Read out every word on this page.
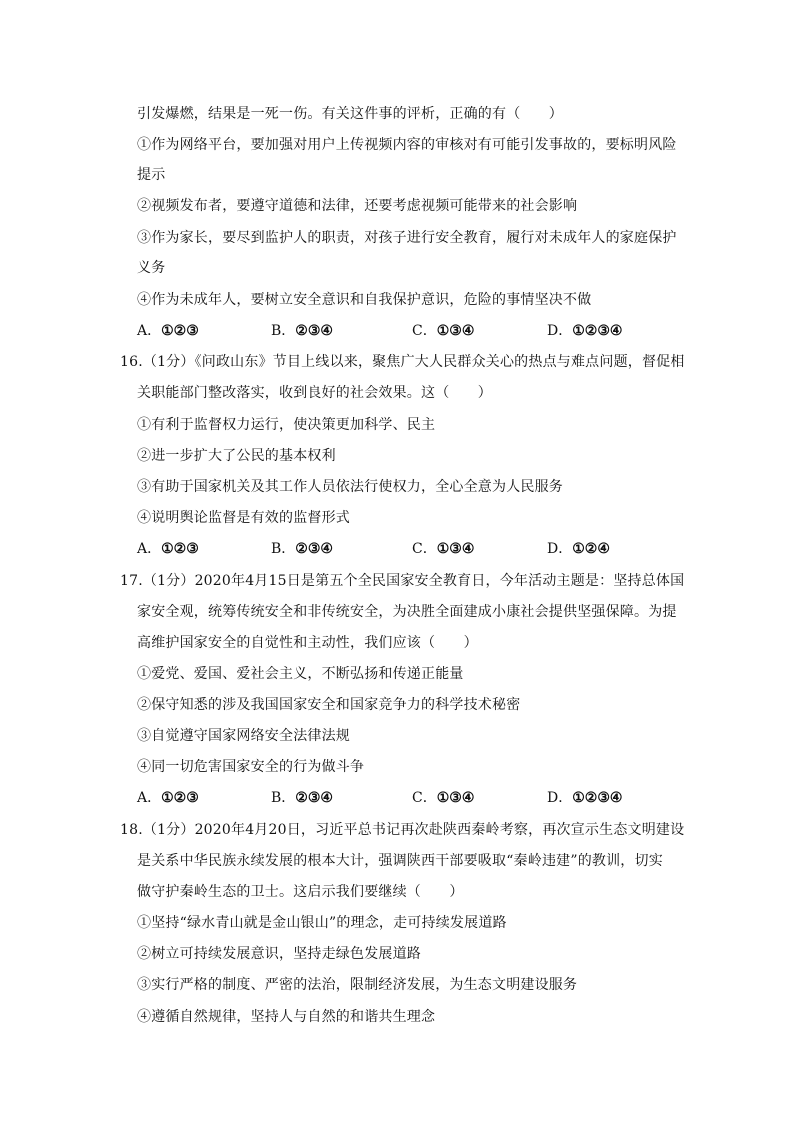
引发爆燃，结果是一死一伤。有关这件事的评析，正确的有（　　）
①作为网络平台，要加强对用户上传视频内容的审核对有可能引发事故的，要标明风险
提示
②视频发布者，要遵守道德和法律，还要考虑视频可能带来的社会影响
③作为家长，要尽到监护人的职责，对孩子进行安全教育，履行对未成年人的家庭保护
义务
④作为未成年人，要树立安全意识和自我保护意识，危险的事情坚决不做
A．①②③	B．②③④	C．①③④	D．①②③④
16.（1分）《问政山东》节目上线以来，聚焦广大人民群众关心的热点与难点问题，督促相
关职能部门整改落实，收到良好的社会效果。这（　　）
①有利于监督权力运行，使决策更加科学、民主
②进一步扩大了公民的基本权利
③有助于国家机关及其工作人员依法行使权力，全心全意为人民服务
④说明舆论监督是有效的监督形式
A．①②③	B．②③④	C．①③④	D．①②④
17.（1分）2020年4月15日是第五个全民国家安全教育日，今年活动主题是：坚持总体国
家安全观，统筹传统安全和非传统安全，为决胜全面建成小康社会提供坚强保障。为提
高维护国家安全的自觉性和主动性，我们应该（　　）
①爱党、爱国、爱社会主义，不断弘扬和传递正能量
②保守知悉的涉及我国国家安全和国家竞争力的科学技术秘密
③自觉遵守国家网络安全法律法规
④同一切危害国家安全的行为做斗争
A．①②③	B．②③④	C．①③④	D．①②③④
18.（1分）2020年4月20日，习近平总书记再次赴陕西秦岭考察，再次宣示生态文明建设
是关系中华民族永续发展的根本大计，强调陕西干部要吸取“秦岭违建”的教训，切实
做守护秦岭生态的卫士。这启示我们要继续（　　）
①坚持“绿水青山就是金山银山”的理念，走可持续发展道路
②树立可持续发展意识，坚持走绿色发展道路
③实行严格的制度、严密的法治，限制经济发展，为生态文明建设服务
④遵循自然规律，坚持人与自然的和谐共生理念
